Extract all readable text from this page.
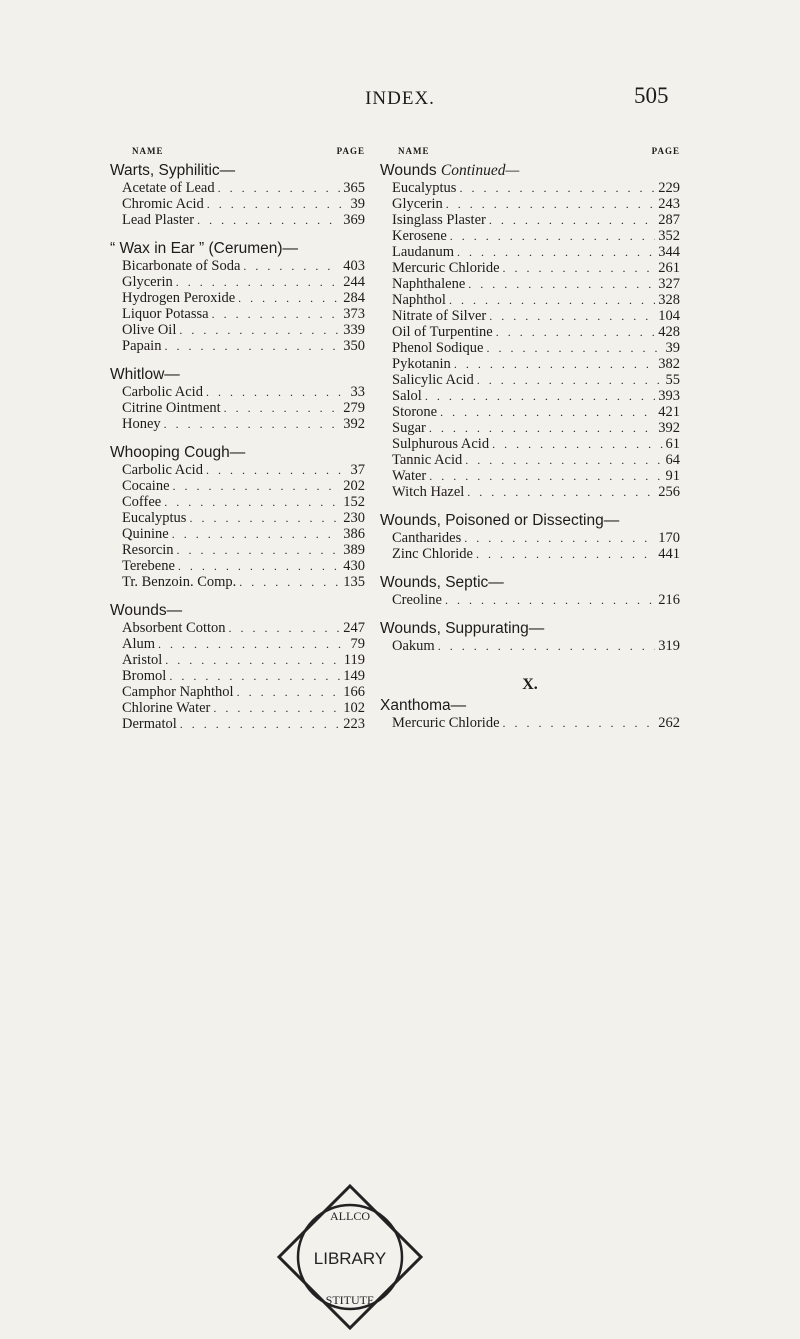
INDEX.	505
NAME	PAGE
Warts, Syphilitic—
Acetate of Lead . . .	365
Chromic Acid . . .	39
Lead Plaster . . .	369
“ Wax in Ear ” (Cerumen)—
Bicarbonate of Soda . . .	403
Glycerin . . .	244
Hydrogen Peroxide . . .	284
Liquor Potassa . . .	373
Olive Oil . . .	339
Papain . . .	350
Whitlow—
Carbolic Acid . . .	33
Citrine Ointment . . .	279
Honey . . .	392
Whooping Cough—
Carbolic Acid . . .	37
Cocaine . . .	202
Coffee . . .	152
Eucalyptus . . .	230
Quinine . . .	386
Resorcin . . .	389
Terebene . . .	430
Tr. Benzoin. Comp. . . .	135
Wounds—
Absorbent Cotton . . .	247
Alum . . .	79
Aristol . . .	119
Bromol . . .	149
Camphor Naphthol . . .	166
Chlorine Water . . .	102
Dermatol . . .	223
NAME	PAGE
Wounds Continued—
Eucalyptus . . .	229
Glycerin . . .	243
Isinglass Plaster . . .	287
Kerosene . . .	352
Laudanum . . .	344
Mercuric Chloride . . .	261
Naphthalene . . .	327
Naphthol . . .	328
Nitrate of Silver . . .	104
Oil of Turpentine . . .	428
Phenol Sodique . . .	39
Pykotanin . . .	382
Salicylic Acid . . .	55
Salol . . .	393
Storone . . .	421
Sugar . . .	392
Sulphurous Acid . . .	61
Tannic Acid . . .	64
Water . . .	91
Witch Hazel . . .	256
Wounds, Poisoned or Dissecting—
Cantharides . . .	170
Zinc Chloride . . .	441
Wounds, Septic—
Creoline . . .	216
Wounds, Suppurating—
Oakum . . .	319
X.
Xanthoma—
Mercuric Chloride . . .	262
LIBRARY
ALLCO
STITUTE
